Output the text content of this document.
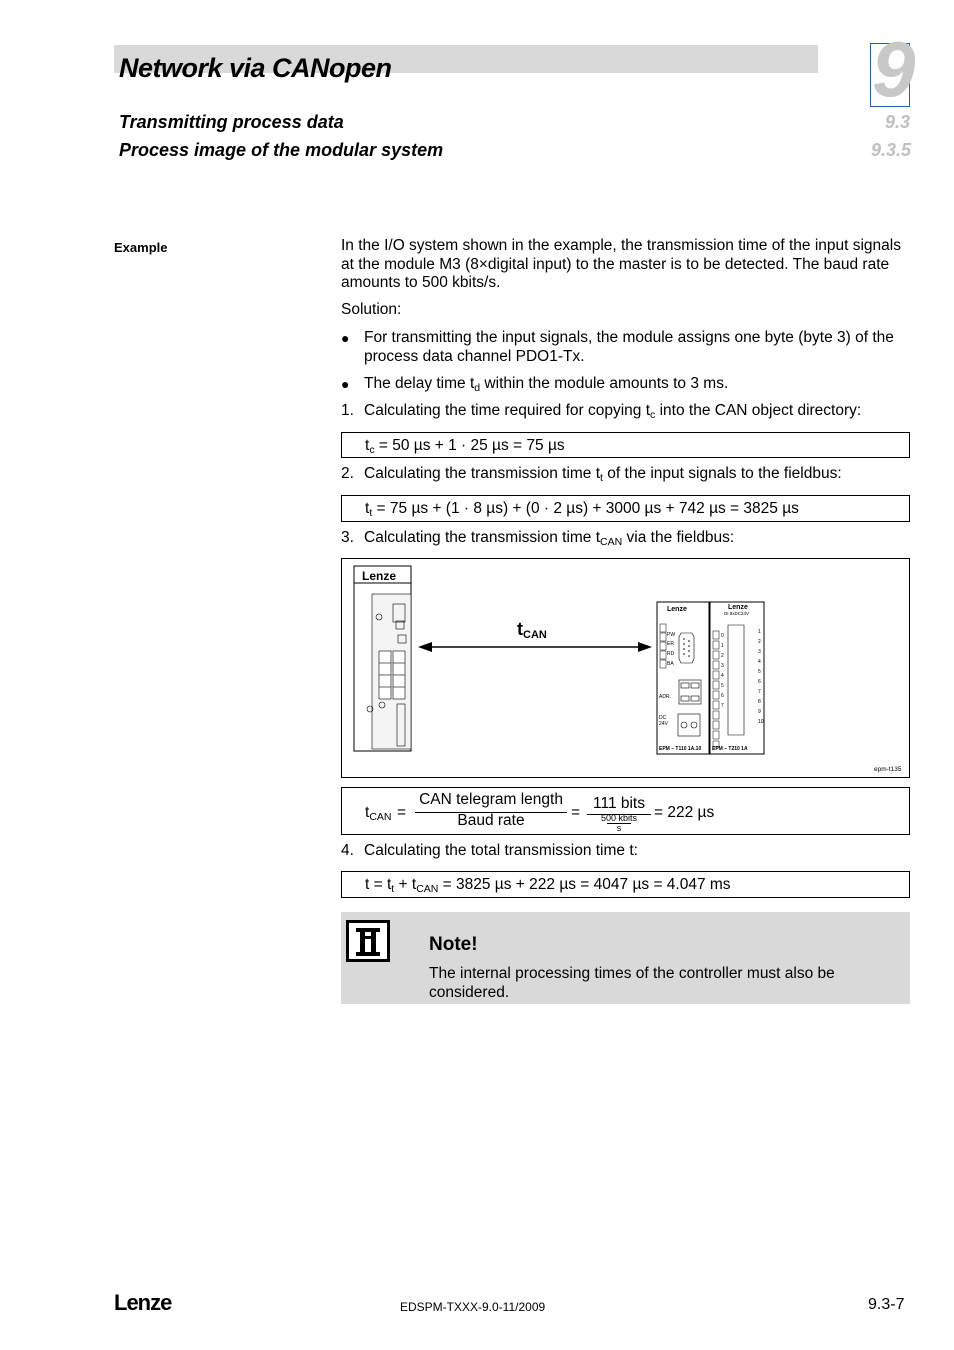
Network via CANopen	9
Transmitting process data	9.3
Process image of the modular system	9.3.5
Example	In the I/O system shown in the example, the transmission time of the input signals at the module M3 (8×digital input) to the master is to be detected. The baud rate amounts to 500 kbits/s.
Solution:
● For transmitting the input signals, the module assigns one byte (byte 3) of the process data channel PDO1-Tx.
● The delay time td within the module amounts to 3 ms.
1. Calculating the time required for copying tc into the CAN object directory:
tc = 50 µs + 1 · 25 µs = 75 µs
2. Calculating the transmission time tt of the input signals to the fieldbus:
tt = 75 µs + (1 · 8 µs) + (0 · 2 µs) + 3000 µs + 742 µs = 3825 µs
3. Calculating the transmission time tCAN via the fieldbus:
Lenze
tCAN
Lenze
PW
ER
RD
BA
ADR.
DC
24V
EPM – T110 1A.10
Lenze
DI 8xDC24V
0
1
2
3
4
5
6
7
1
2
3
4
5
6
7
8
9
10
EPM – T210 1A
epm-t135
tCAN =
CAN telegram length
Baud rate	=
111 bits
500 kbits
s
= 222 µs
4. Calculating the total transmission time t:
t = tt + tCAN = 3825 µs + 222 µs = 4047 µs = 4.047 ms
Note!
The internal processing times of the controller must also be considered.
Lenze	EDSPM-TXXX-9.0-11/2009	9.3-7
